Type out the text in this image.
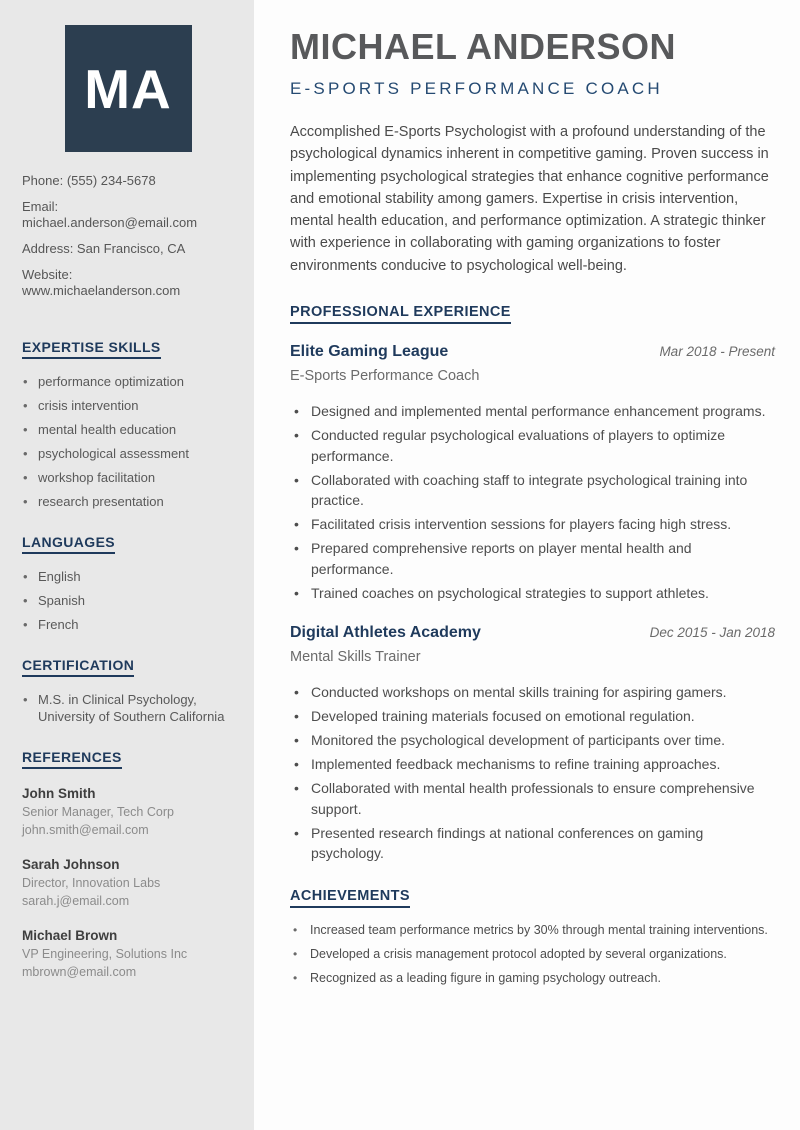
MA
Phone: (555) 234-5678
Email: michael.anderson@email.com
Address: San Francisco, CA
Website: www.michaelanderson.com
EXPERTISE SKILLS
• performance optimization
• crisis intervention
• mental health education
• psychological assessment
• workshop facilitation
• research presentation
LANGUAGES
• English
• Spanish
• French
CERTIFICATION
• M.S. in Clinical Psychology, University of Southern California
REFERENCES
John Smith
Senior Manager, Tech Corp
john.smith@email.com
Sarah Johnson
Director, Innovation Labs
sarah.j@email.com
Michael Brown
VP Engineering, Solutions Inc
mbrown@email.com
MICHAEL ANDERSON
E-SPORTS PERFORMANCE COACH

Accomplished E-Sports Psychologist with a profound understanding of the psychological dynamics inherent in competitive gaming. Proven success in implementing psychological strategies that enhance cognitive performance and emotional stability among gamers. Expertise in crisis intervention, mental health education, and performance optimization. A strategic thinker with experience in collaborating with gaming organizations to foster environments conducive to psychological well-being.

PROFESSIONAL EXPERIENCE
Elite Gaming League	Mar 2018 - Present
E-Sports Performance Coach
• Designed and implemented mental performance enhancement programs.
• Conducted regular psychological evaluations of players to optimize performance.
• Collaborated with coaching staff to integrate psychological training into practice.
• Facilitated crisis intervention sessions for players facing high stress.
• Prepared comprehensive reports on player mental health and performance.
• Trained coaches on psychological strategies to support athletes.
Digital Athletes Academy	Dec 2015 - Jan 2018
Mental Skills Trainer
• Conducted workshops on mental skills training for aspiring gamers.
• Developed training materials focused on emotional regulation.
• Monitored the psychological development of participants over time.
• Implemented feedback mechanisms to refine training approaches.
• Collaborated with mental health professionals to ensure comprehensive support.
• Presented research findings at national conferences on gaming psychology.
ACHIEVEMENTS
• Increased team performance metrics by 30% through mental training interventions.
• Developed a crisis management protocol adopted by several organizations.
• Recognized as a leading figure in gaming psychology outreach.
